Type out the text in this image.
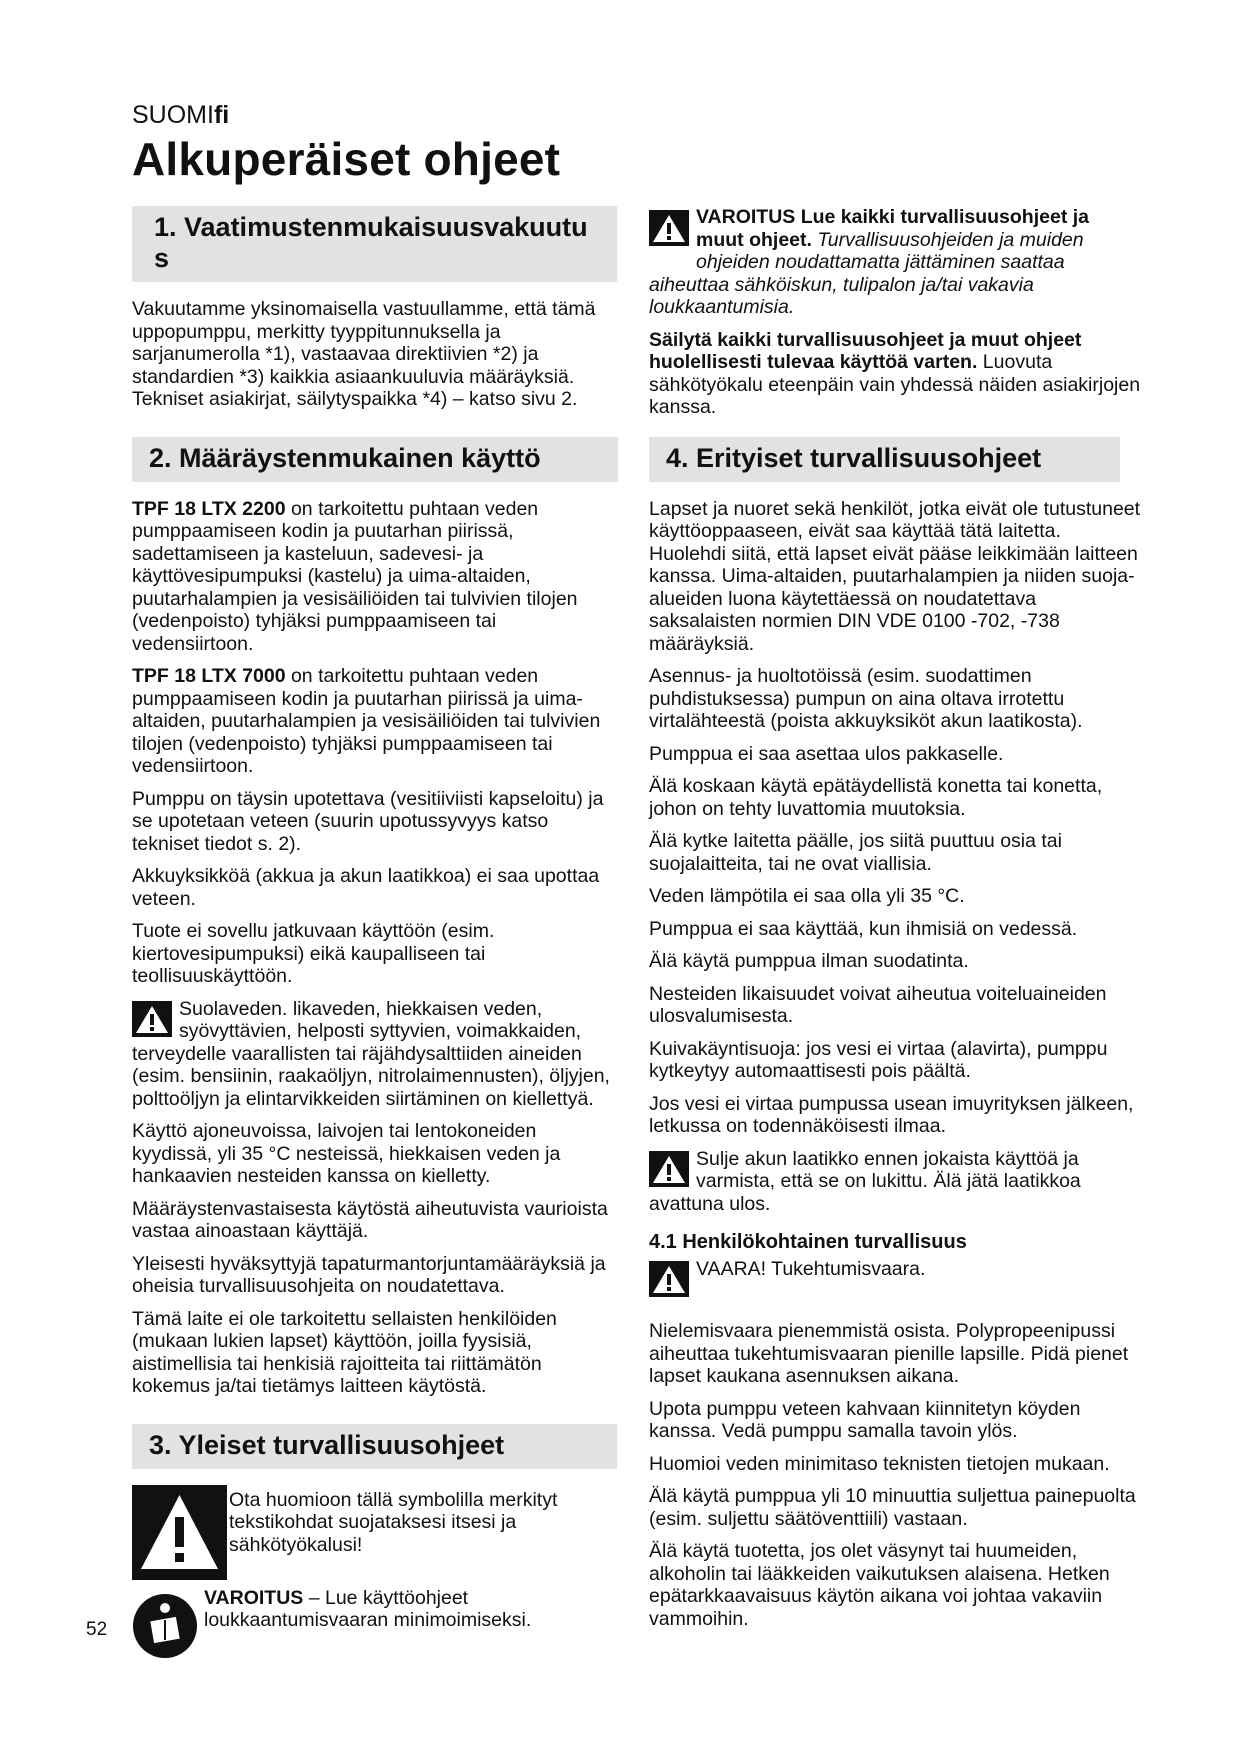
SUOMIfi
Alkuperäiset ohjeet
1. Vaatimustenmukaisuusvakuutu s

Vakuutamme yksinomaisella vastuullamme, että tämä uppopumppu, merkitty tyyppitunnuksella ja sarjanumerolla *1), vastaavaa direktiivien *2) ja standardien *3) kaikkia asiaankuuluvia määräyksiä. Tekniset asiakirjat, säilytyspaikka *4) – katso sivu 2.

2. Määräystenmukainen käyttö

TPF 18 LTX 2200 on tarkoitettu puhtaan veden pumppaamiseen kodin ja puutarhan piirissä, sadettamiseen ja kasteluun, sadevesi- ja käyttövesipumpuksi (kastelu) ja uima-altaiden, puutarhalampien ja vesisäiliöiden tai tulvivien tilojen (vedenpoisto) tyhjäksi pumppaamiseen tai vedensiirtoon.

TPF 18 LTX 7000 on tarkoitettu puhtaan veden pumppaamiseen kodin ja puutarhan piirissä ja uima-altaiden, puutarhalampien ja vesisäiliöiden tai tulvivien tilojen (vedenpoisto) tyhjäksi pumppaamiseen tai vedensiirtoon.

Pumppu on täysin upotettava (vesitiiviisti kapseloitu) ja se upotetaan veteen (suurin upotussyvyys katso tekniset tiedot s. 2).

Akkuyksikköä (akkua ja akun laatikkoa) ei saa upottaa veteen.

Tuote ei sovellu jatkuvaan käyttöön (esim. kiertovesipumpuksi) eikä kaupalliseen tai teollisuuskäyttöön.

Suolaveden. likaveden, hiekkaisen veden, syövyttävien, helposti syttyvien, voimakkaiden, terveydelle vaarallisten tai räjähdysalttiiden aineiden (esim. bensiinin, raakaöljyn, nitrolaimennusten), öljyjen, polttoöljyn ja elintarvikkeiden siirtäminen on kiellettyä.

Käyttö ajoneuvoissa, laivojen tai lentokoneiden kyydissä, yli 35 °C nesteissä, hiekkaisen veden ja hankaavien nesteiden kanssa on kielletty.

Määräystenvastaisesta käytöstä aiheutuvista vaurioista vastaa ainoastaan käyttäjä.

Yleisesti hyväksyttyjä tapaturmantorjuntamääräyksiä ja oheisia turvallisuusohjeita on noudatettava.

Tämä laite ei ole tarkoitettu sellaisten henkilöiden (mukaan lukien lapset) käyttöön, joilla fyysisiä, aistimellisia tai henkisiä rajoitteita tai riittämätön kokemus ja/tai tietämys laitteen käytöstä.

3. Yleiset turvallisuusohjeet

Ota huomioon tällä symbolilla merkityt tekstikohdat suojataksesi itsesi ja sähkötyökalusi!

VAROITUS – Lue käyttöohjeet loukkaantumisvaaran minimoimiseksi.

VAROITUS Lue kaikki turvallisuusohjeet ja muut ohjeet. Turvallisuusohjeiden ja muiden ohjeiden noudattamatta jättäminen saattaa aiheuttaa sähköiskun, tulipalon ja/tai vakavia loukkaantumisia.

Säilytä kaikki turvallisuusohjeet ja muut ohjeet huolellisesti tulevaa käyttöä varten. Luovuta sähkötyökalu eteenpäin vain yhdessä näiden asiakirjojen kanssa.

4. Erityiset turvallisuusohjeet

Lapset ja nuoret sekä henkilöt, jotka eivät ole tutustuneet käyttöoppaaseen, eivät saa käyttää tätä laitetta. Huolehdi siitä, että lapset eivät pääse leikkimään laitteen kanssa. Uima-altaiden, puutarhalampien ja niiden suoja-alueiden luona käytettäessä on noudatettava saksalaisten normien DIN VDE 0100 -702, -738 määräyksiä.

Asennus- ja huoltotöissä (esim. suodattimen puhdistuksessa) pumpun on aina oltava irrotettu virtalähteestä (poista akkuyksiköt akun laatikosta).

Pumppua ei saa asettaa ulos pakkaselle.

Älä koskaan käytä epätäydellistä konetta tai konetta, johon on tehty luvattomia muutoksia.

Älä kytke laitetta päälle, jos siitä puuttuu osia tai suojalaitteita, tai ne ovat viallisia.

Veden lämpötila ei saa olla yli 35 °C.

Pumppua ei saa käyttää, kun ihmisiä on vedessä.

Älä käytä pumppua ilman suodatinta.

Nesteiden likaisuudet voivat aiheutua voiteluaineiden ulosvalumisesta.

Kuivakäyntisuoja: jos vesi ei virtaa (alavirta), pumppu kytkeytyy automaattisesti pois päältä.

Jos vesi ei virtaa pumpussa usean imuyrityksen jälkeen, letkussa on todennäköisesti ilmaa.

Sulje akun laatikko ennen jokaista käyttöä ja varmista, että se on lukittu. Älä jätä laatikkoa avattuna ulos.

4.1 Henkilökohtainen turvallisuus

VAARA! Tukehtumisvaara.

Nielemisvaara pienemmistä osista. Polypropeenipussi aiheuttaa tukehtumisvaaran pienille lapsille. Pidä pienet lapset kaukana asennuksen aikana.

Upota pumppu veteen kahvaan kiinnitetyn köyden kanssa. Vedä pumppu samalla tavoin ylös.

Huomioi veden minimitaso teknisten tietojen mukaan.

Älä käytä pumppua yli 10 minuuttia suljettua painepuolta (esim. suljettu säätöventtiili) vastaan.

Älä käytä tuotetta, jos olet väsynyt tai huumeiden, alkoholin tai lääkkeiden vaikutuksen alaisena. Hetken epätarkkaavaisuus käytön aikana voi johtaa vakaviin vammoihin.

52
